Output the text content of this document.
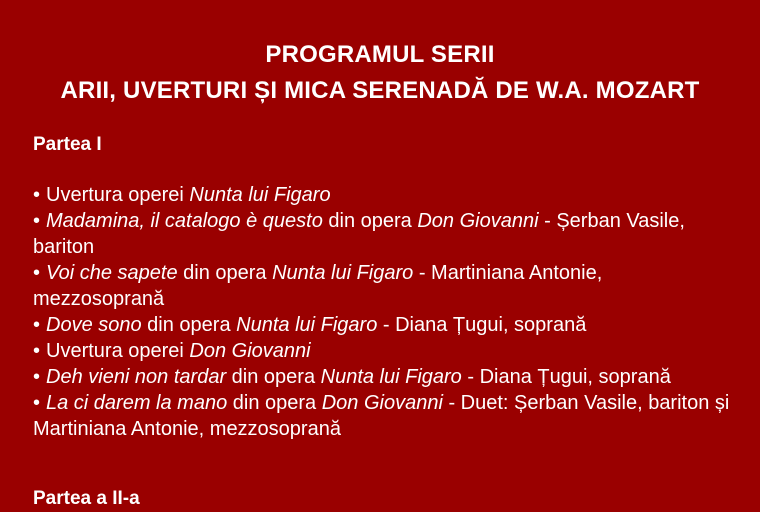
PROGRAMUL SERII
ARII, UVERTURI ȘI MICA SERENADĂ DE W.A. MOZART
Partea I
• Uvertura operei Nunta lui Figaro
• Madamina, il catalogo è questo din opera Don Giovanni - Șerban Vasile, bariton
• Voi che sapete din opera Nunta lui Figaro - Martiniana Antonie, mezzosoprană
• Dove sono din opera Nunta lui Figaro - Diana Țugui, soprană
• Uvertura operei Don Giovanni
• Deh vieni non tardar din opera Nunta lui Figaro - Diana Țugui, soprană
• La ci darem la mano din opera Don Giovanni - Duet: Șerban Vasile, bariton și Martiniana Antonie, mezzosoprană
Partea a II-a
